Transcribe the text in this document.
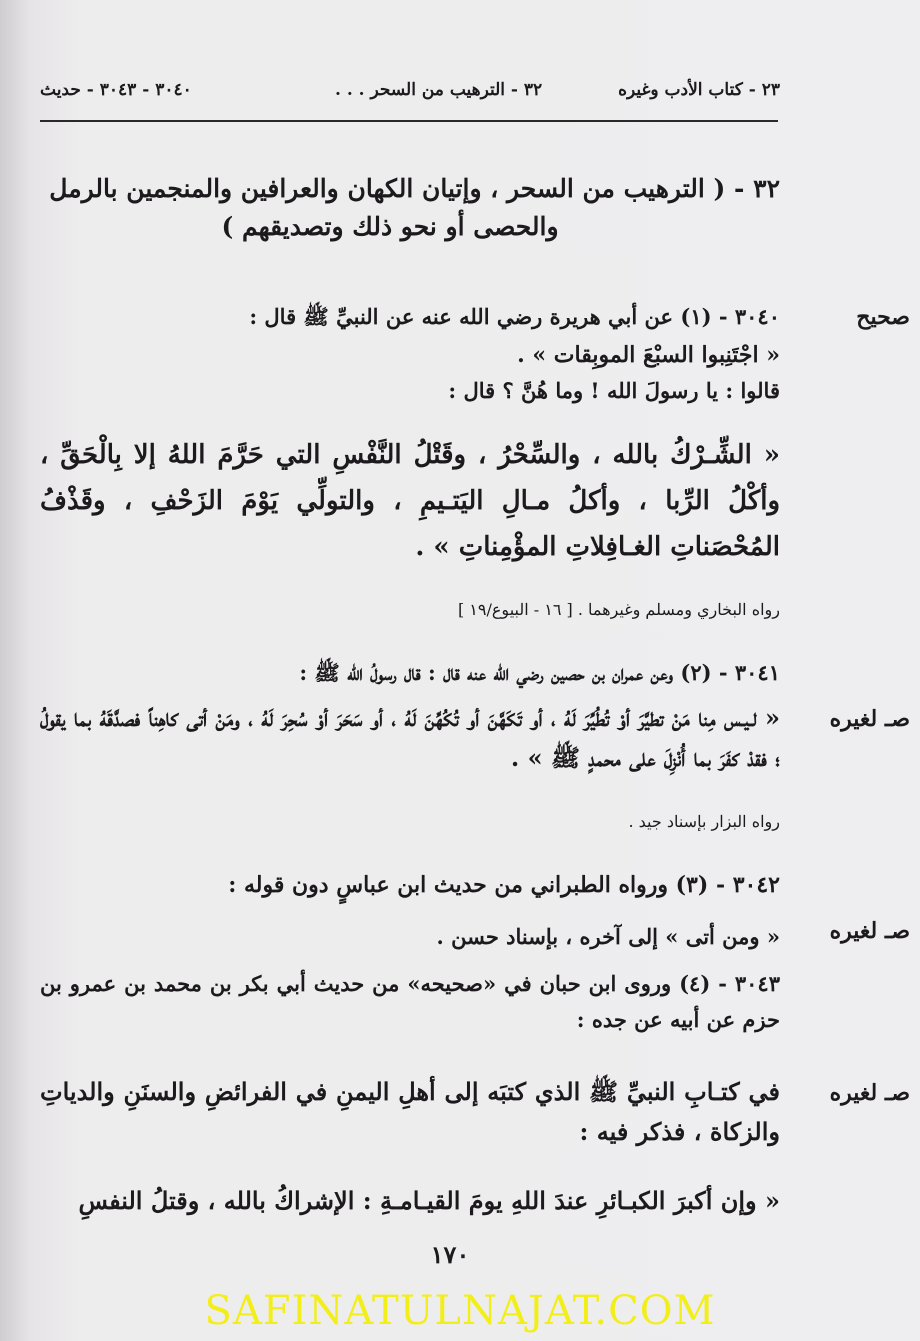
٢٣ - كتاب الأدب وغيره
٣٢ - الترهيب من السحر . . .
٣٠٤٠ - ٣٠٤٣ - حديث
٣٢ - ( الترهيب من السحر ، وإتيان الكهان والعرافين والمنجمين بالرمل
والحصى أو نحو ذلك وتصديقهم )
صحيح
٣٠٤٠ - (١) عن أبي هريرة رضي الله عنه عن النبيِّ ﷺ قال :
« اجْتَنِبوا السبْعَ الموبِقات » .
قالوا : يا رسولَ الله ! وما هُنَّ ؟ قال :
« الشِّـرْكُ بالله ، والسِّحْرُ ، وقَتْلُ النَّفْسِ التي حَرَّمَ اللهُ إلا بِالْحَقِّ ، وأكْلُ الرِّبا ، وأكلُ مـالِ اليَتـيمِ ، والتولِّي يَوْمَ الزَحْفِ ، وقَذْفُ المُحْصَناتِ الغـافِلاتِ المؤْمِناتِ » .
رواه البخاري ومسلم وغيرهما . [ ١٦ - البيوع/١٩ ]
٣٠٤١ - (٢) وعن عمران بن حصين رضي الله عنه قال : قال رسولُ الله ﷺ :
صـ لغيره
« لـيـس مِنا مَنْ تطيَّرَ أوْ تُطُيِّرَ لَهُ ، أو تَكَهَّنَ أو تُكُهِّنَ لَهُ ، أو سَحَرَ أوْ سُحِرَ لَهُ ، ومَنْ أتى كاهِناً فصدَّقَهُ بما يقولُ ؛ فقدْ كفَرَ بما أُنْزِلَ على محمدٍ ﷺ » .
رواه البزار بإسناد جيد .
٣٠٤٢ - (٣) ورواه الطبراني من حديث ابن عباسٍ دون قوله :
صـ لغيره
« ومن أتى » إلى آخره ، بإسناد حسن .
٣٠٤٣ - (٤) وروى ابن حبان في «صحيحه» من حديث أبي بكر بن محمد بن عمرو بن حزم عن أبيه عن جده :
صـ لغيره
في كتـابِ النبيِّ ﷺ الذي كتبَه إلى أهلِ اليمنِ في الفرائضِ والسنَنِ والدياتِ والزكاة ، فذكر فيه :
« وإن أكبرَ الكبـائرِ عندَ اللهِ يومَ القيـامـةِ : الإشراكُ بالله ، وقتلُ النفسِ
١٧٠
SAFINATULNAJAT.COM
